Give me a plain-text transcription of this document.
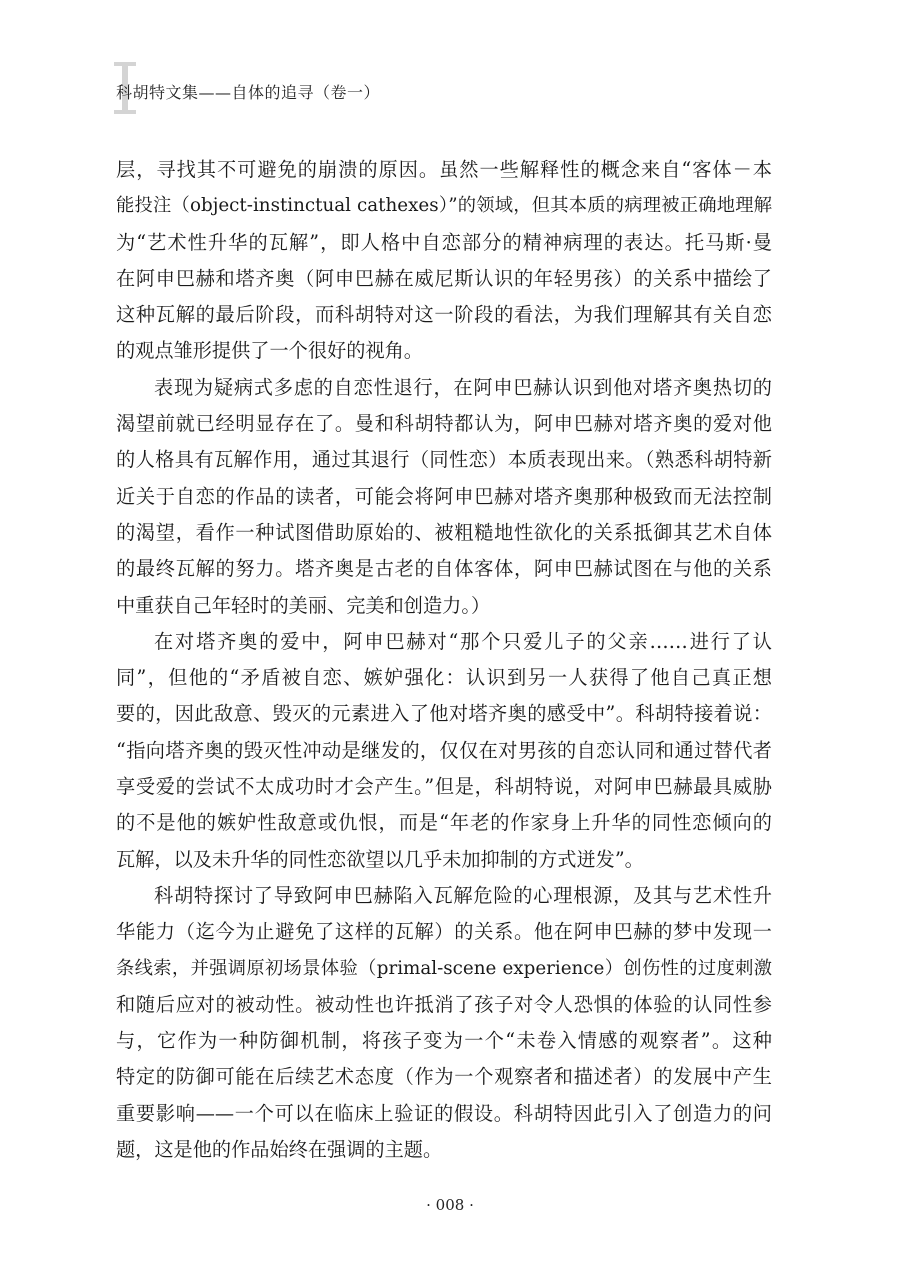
科胡特文集——自体的追寻（卷一）
层，寻找其不可避免的崩溃的原因。虽然一些解释性的概念来自“客体－本
能投注（object-instinctual cathexes）”的领域，但其本质的病理被正确地理解
为“艺术性升华的瓦解”，即人格中自恋部分的精神病理的表达。托马斯·曼
在阿申巴赫和塔齐奥（阿申巴赫在威尼斯认识的年轻男孩）的关系中描绘了
这种瓦解的最后阶段，而科胡特对这一阶段的看法，为我们理解其有关自恋
的观点雏形提供了一个很好的视角。
表现为疑病式多虑的自恋性退行，在阿申巴赫认识到他对塔齐奥热切的
渴望前就已经明显存在了。曼和科胡特都认为，阿申巴赫对塔齐奥的爱对他
的人格具有瓦解作用，通过其退行（同性恋）本质表现出来。（熟悉科胡特新
近关于自恋的作品的读者，可能会将阿申巴赫对塔齐奥那种极致而无法控制
的渴望，看作一种试图借助原始的、被粗糙地性欲化的关系抵御其艺术自体
的最终瓦解的努力。塔齐奥是古老的自体客体，阿申巴赫试图在与他的关系
中重获自己年轻时的美丽、完美和创造力。）
在对塔齐奥的爱中，阿申巴赫对“那个只爱儿子的父亲……进行了认
同”，但他的“矛盾被自恋、嫉妒强化：认识到另一人获得了他自己真正想
要的，因此敌意、毁灭的元素进入了他对塔齐奥的感受中”。科胡特接着说：
“指向塔齐奥的毁灭性冲动是继发的，仅仅在对男孩的自恋认同和通过替代者
享受爱的尝试不太成功时才会产生。”但是，科胡特说，对阿申巴赫最具威胁
的不是他的嫉妒性敌意或仇恨，而是“年老的作家身上升华的同性恋倾向的
瓦解，以及未升华的同性恋欲望以几乎未加抑制的方式迸发”。
科胡特探讨了导致阿申巴赫陷入瓦解危险的心理根源，及其与艺术性升
华能力（迄今为止避免了这样的瓦解）的关系。他在阿申巴赫的梦中发现一
条线索，并强调原初场景体验（primal-scene experience）创伤性的过度刺激
和随后应对的被动性。被动性也许抵消了孩子对令人恐惧的体验的认同性参
与，它作为一种防御机制，将孩子变为一个“未卷入情感的观察者”。这种
特定的防御可能在后续艺术态度（作为一个观察者和描述者）的发展中产生
重要影响——一个可以在临床上验证的假设。科胡特因此引入了创造力的问
题，这是他的作品始终在强调的主题。
· 008 ·
